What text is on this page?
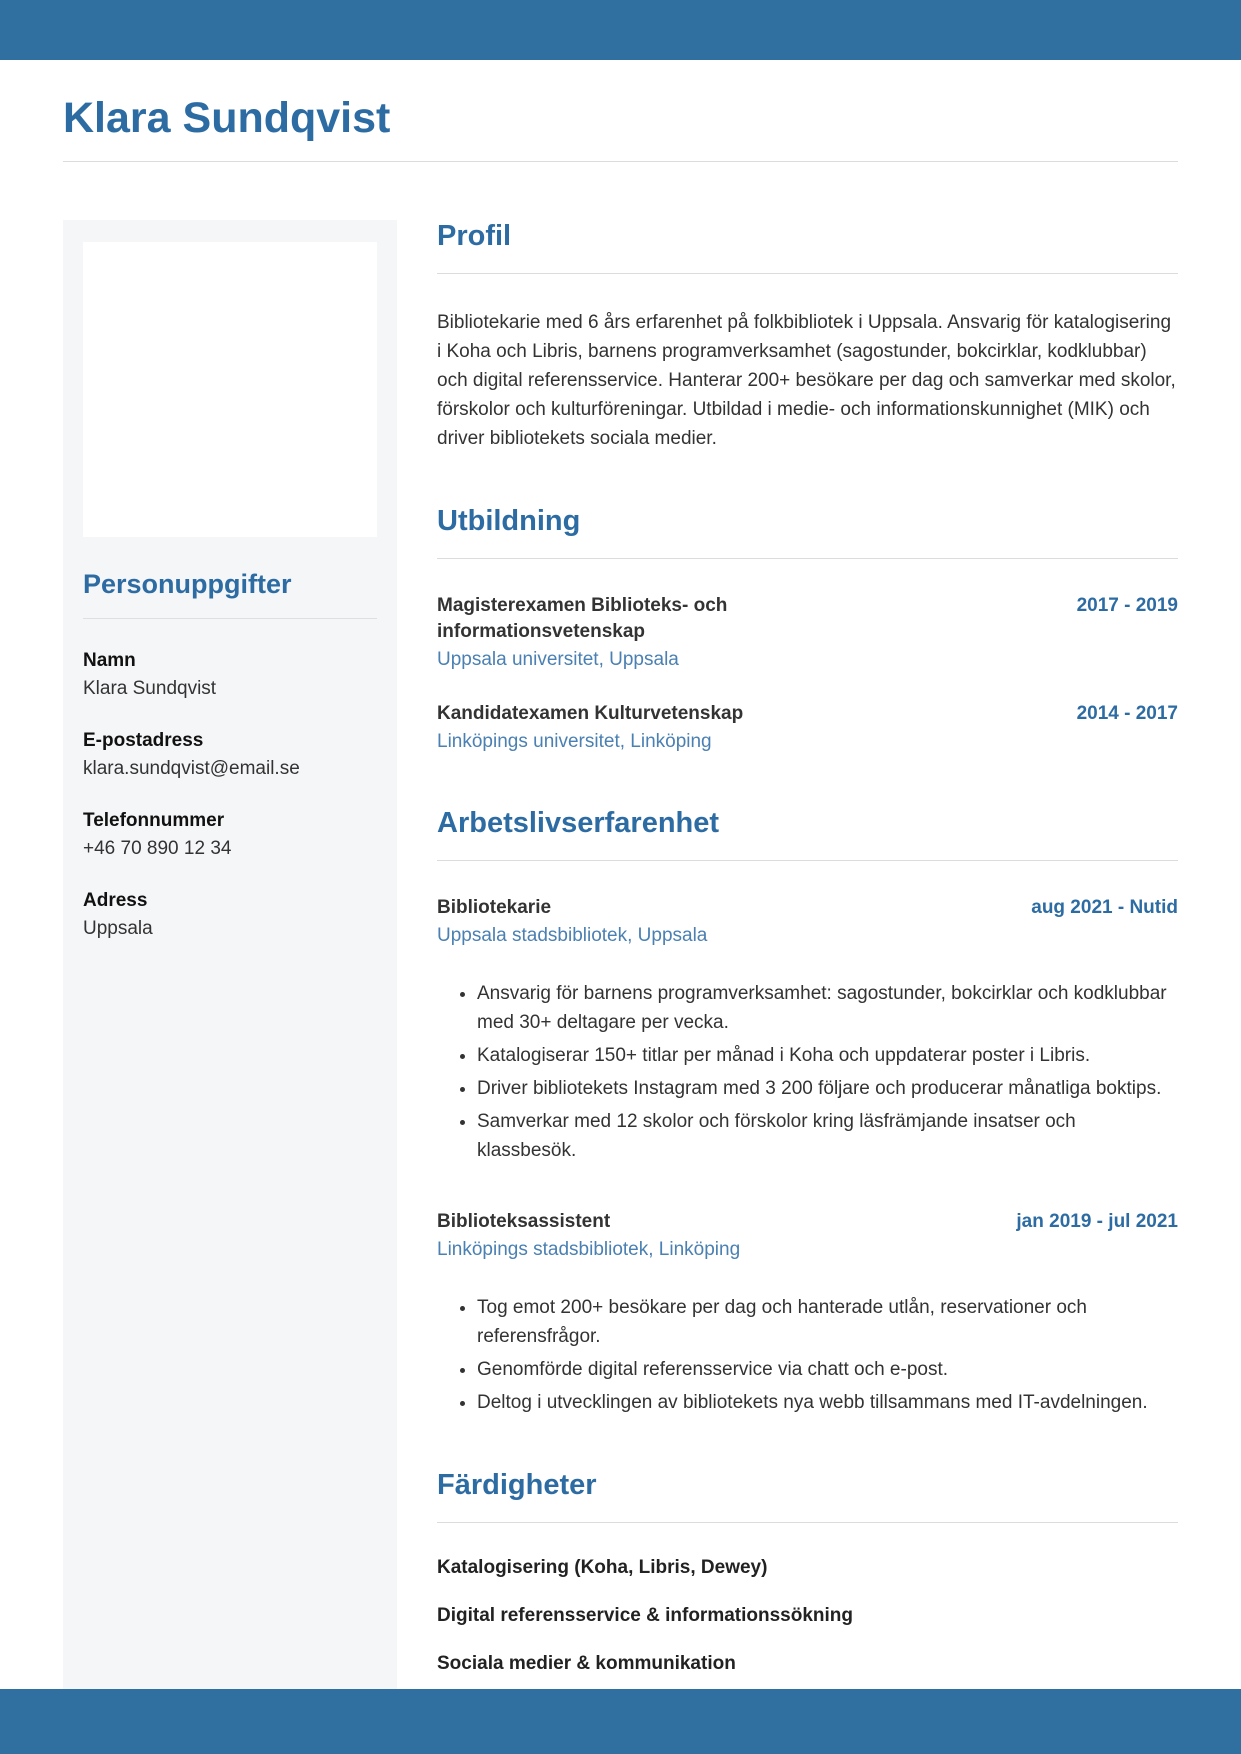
Klara Sundqvist
Personuppgifter
Namn
Klara Sundqvist
E-postadress
klara.sundqvist@email.se
Telefonnummer
+46 70 890 12 34
Adress
Uppsala
Profil

Bibliotekarie med 6 års erfarenhet på folkbibliotek i Uppsala. Ansvarig för katalogisering i Koha och Libris, barnens programverksamhet (sagostunder, bokcirklar, kodklubbar) och digital referensservice. Hanterar 200+ besökare per dag och samverkar med skolor, förskolor och kulturföreningar. Utbildad i medie- och informationskunnighet (MIK) och driver bibliotekets sociala medier.

Utbildning
Magisterexamen Biblioteks- och informationsvetenskap
2017 - 2019
Uppsala universitet, Uppsala
Kandidatexamen Kulturvetenskap	2014 - 2017
Linköpings universitet, Linköping
Arbetslivserfarenhet
Bibliotekarie	aug 2021 - Nutid
Uppsala stadsbibliotek, Uppsala
• Ansvarig för barnens programverksamhet: sagostunder, bokcirklar och kodklubbar med 30+ deltagare per vecka.
• Katalogiserar 150+ titlar per månad i Koha och uppdaterar poster i Libris.
• Driver bibliotekets Instagram med 3 200 följare och producerar månatliga boktips.
• Samverkar med 12 skolor och förskolor kring läsfrämjande insatser och klassbesök.
Biblioteksassistent	jan 2019 - jul 2021
Linköpings stadsbibliotek, Linköping
• Tog emot 200+ besökare per dag och hanterade utlån, reservationer och referensfrågor.
• Genomförde digital referensservice via chatt och e-post.
• Deltog i utvecklingen av bibliotekets nya webb tillsammans med IT-avdelningen.
Färdigheter
Katalogisering (Koha, Libris, Dewey)
Digital referensservice & informationssökning
Sociala medier & kommunikation
